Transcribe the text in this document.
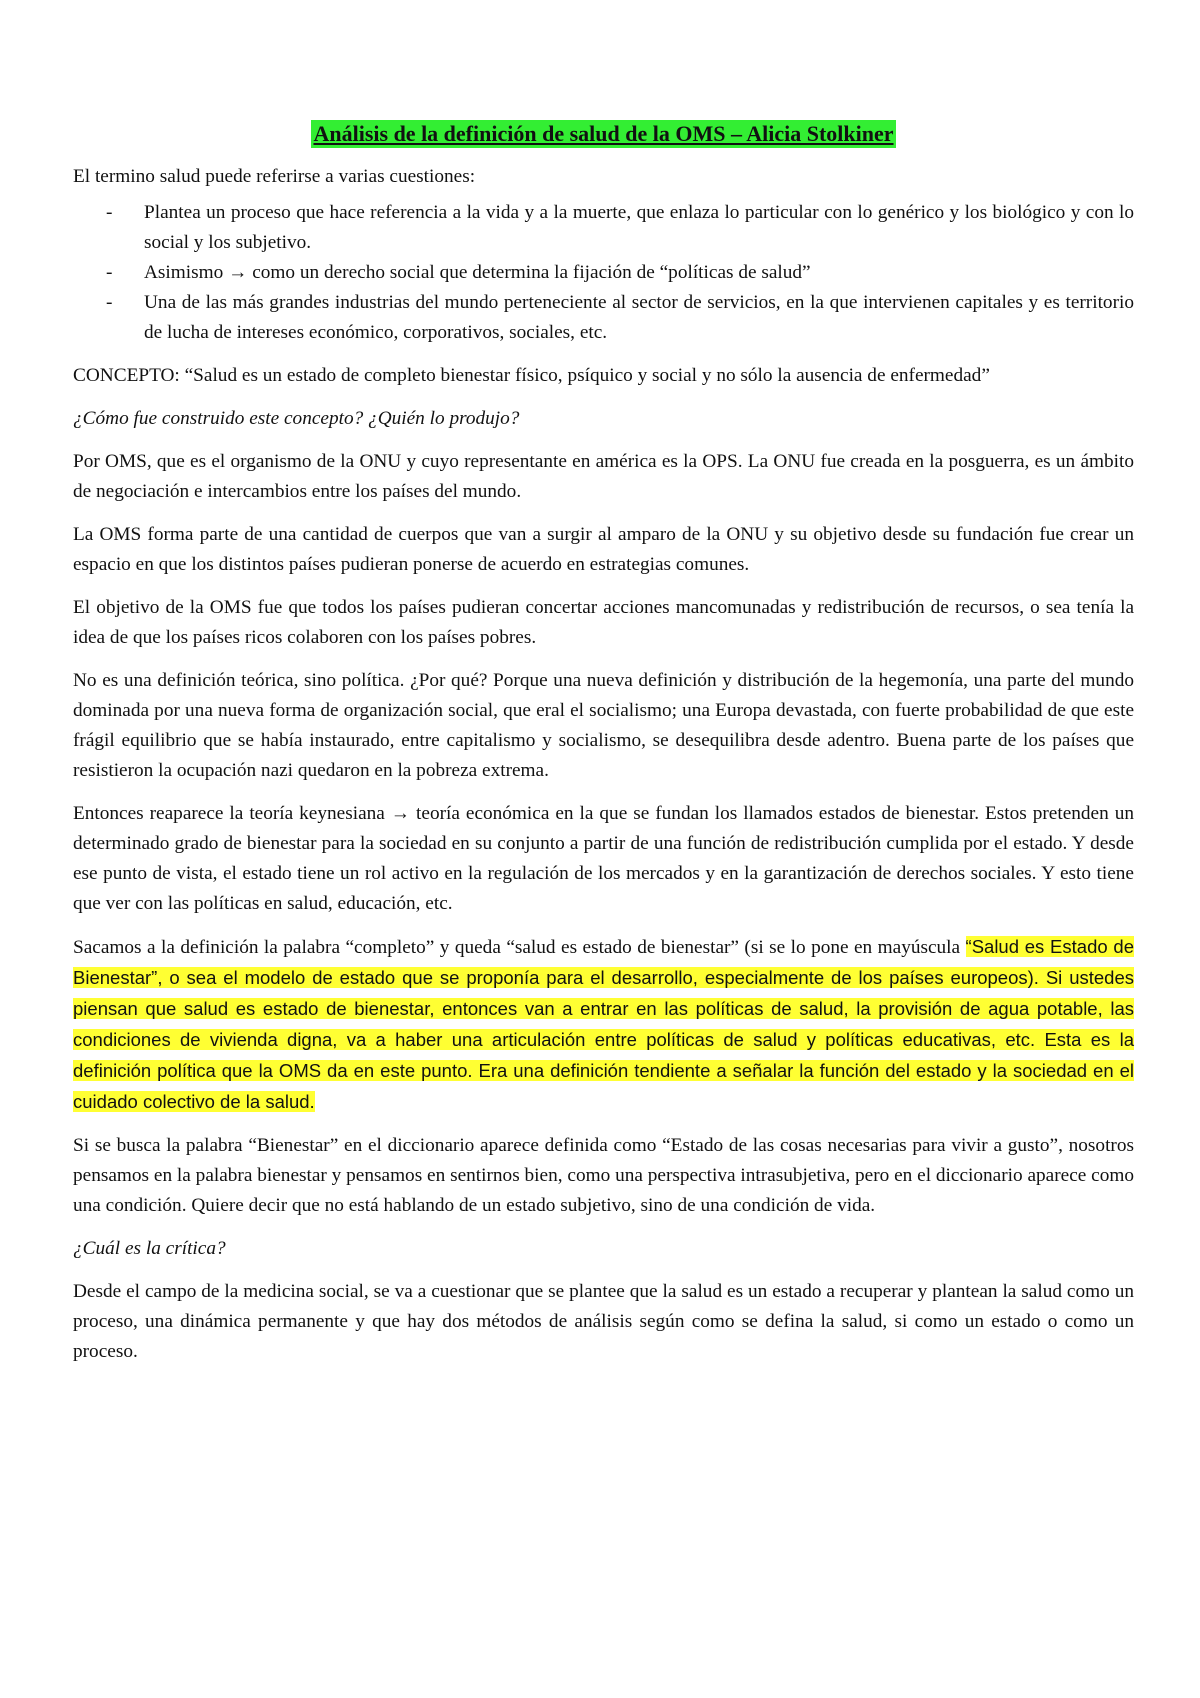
Análisis de la definición de salud de la OMS – Alicia Stolkiner

El termino salud puede referirse a varias cuestiones:

- Plantea un proceso que hace referencia a la vida y a la muerte, que enlaza lo particular con lo genérico y los biológico y con lo social y los subjetivo.
- Asimismo → como un derecho social que determina la fijación de “políticas de salud”
- Una de las más grandes industrias del mundo perteneciente al sector de servicios, en la que intervienen capitales y es territorio de lucha de intereses económico, corporativos, sociales, etc.

CONCEPTO: “Salud es un estado de completo bienestar físico, psíquico y social y no sólo la ausencia de enfermedad”

¿Cómo fue construido este concepto? ¿Quién lo produjo?

Por OMS, que es el organismo de la ONU y cuyo representante en américa es la OPS. La ONU fue creada en la posguerra, es un ámbito de negociación e intercambios entre los países del mundo.

La OMS forma parte de una cantidad de cuerpos que van a surgir al amparo de la ONU y su objetivo desde su fundación fue crear un espacio en que los distintos países pudieran ponerse de acuerdo en estrategias comunes.

El objetivo de la OMS fue que todos los países pudieran concertar acciones mancomunadas y redistribución de recursos, o sea tenía la idea de que los países ricos colaboren con los países pobres.

No es una definición teórica, sino política. ¿Por qué? Porque una nueva definición y distribución de la hegemonía, una parte del mundo dominada por una nueva forma de organización social, que eral el socialismo; una Europa devastada, con fuerte probabilidad de que este frágil equilibrio que se había instaurado, entre capitalismo y socialismo, se desequilibra desde adentro. Buena parte de los países que resistieron la ocupación nazi quedaron en la pobreza extrema.

Entonces reaparece la teoría keynesiana → teoría económica en la que se fundan los llamados estados de bienestar. Estos pretenden un determinado grado de bienestar para la sociedad en su conjunto a partir de una función de redistribución cumplida por el estado. Y desde ese punto de vista, el estado tiene un rol activo en la regulación de los mercados y en la garantización de derechos sociales. Y esto tiene que ver con las políticas en salud, educación, etc.

Sacamos a la definición la palabra “completo” y queda “salud es estado de bienestar” (si se lo pone en mayúscula “Salud es Estado de Bienestar”, o sea el modelo de estado que se proponía para el desarrollo, especialmente de los países europeos). Si ustedes piensan que salud es estado de bienestar, entonces van a entrar en las políticas de salud, la provisión de agua potable, las condiciones de vivienda digna, va a haber una articulación entre políticas de salud y políticas educativas, etc. Esta es la definición política que la OMS da en este punto. Era una definición tendiente a señalar la función del estado y la sociedad en el cuidado colectivo de la salud.

Si se busca la palabra “Bienestar” en el diccionario aparece definida como “Estado de las cosas necesarias para vivir a gusto”, nosotros pensamos en la palabra bienestar y pensamos en sentirnos bien, como una perspectiva intrasubjetiva, pero en el diccionario aparece como una condición. Quiere decir que no está hablando de un estado subjetivo, sino de una condición de vida.

¿Cuál es la crítica?

Desde el campo de la medicina social, se va a cuestionar que se plantee que la salud es un estado a recuperar y plantean la salud como un proceso, una dinámica permanente y que hay dos métodos de análisis según como se defina la salud, si como un estado o como un proceso.
